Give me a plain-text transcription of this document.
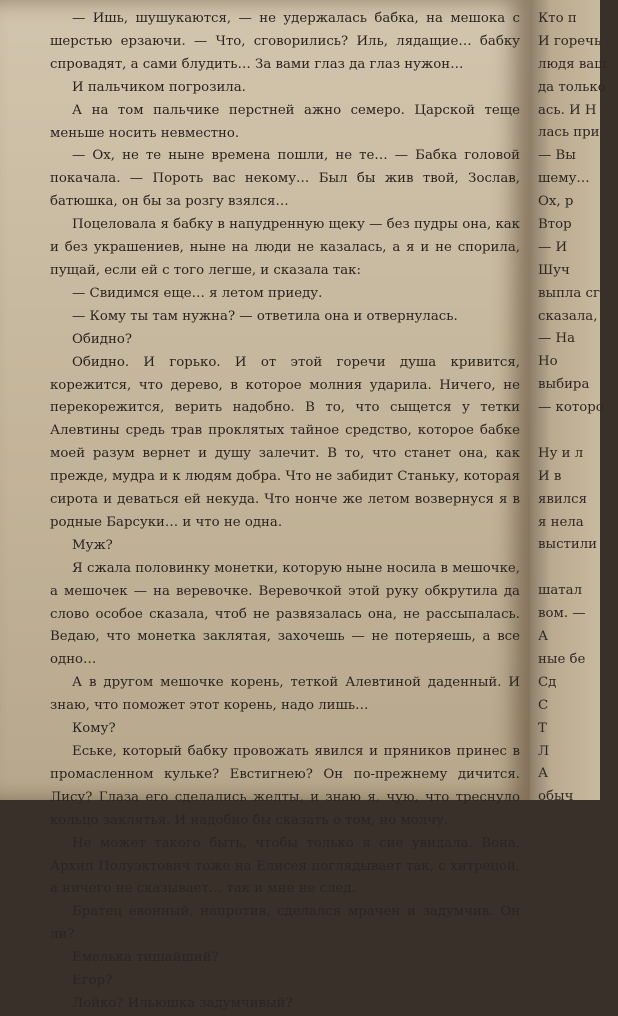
— Ишь, шушукаются, — не удержалась бабка, на мешока с шерстью ерзаючи. — Что, сговорились? Иль, лядащие… бабку спровадят, а сами блудить… За вами глаз да глаз нужон…

И пальчиком погрозила.

А на том пальчике перстней ажно семеро. Царской теще меньше носить невместно.

— Ох, не те ныне времена пошли, не те… — Бабка головой покачала. — Пороть вас некому… Был бы жив твой, Зослав, батюшка, он бы за розгу взялся…

Поцеловала я бабку в напудренную щеку — без пудры она, как и без украшениев, ныне на люди не казалась, а я и не спорила, пущай, если ей с того легше, и сказала так:

— Свидимся еще… я летом приеду.

— Кому ты там нужна? — ответила она и отвернулась.

Обидно?

Обидно. И горько. И от этой горечи душа кривится, корежится, что дерево, в которое молния ударила. Ничего, не перекорежится, верить надобно. В то, что сыщется у тетки Алевтины средь трав проклятых тайное средство, которое бабке моей разум вернет и душу залечит. В то, что станет она, как прежде, мудра и к людям добра. Что не забидит Станьку, которая сирота и деваться ей некуда. Что нонче же летом возвернуся я в родные Барсуки… и что не одна.

Муж?

Я сжала половинку монетки, которую ныне носила в мешочке, а мешочек — на веревочке. Веревочкой этой руку обкрутила да слово особое сказала, чтоб не развязалась она, не рассыпалась. Ведаю, что монетка заклятая, захочешь — не потеряешь, а все одно…

А в другом мешочке корень, теткой Алевтиной даденный. И знаю, что поможет этот корень, надо лишь…

Кому?

Еське, который бабку провожать явился и пряников принес в промасленном кульке? Евстигнею? Он по-прежнему дичится. Лису? Глаза его сделались желты, и знаю я, чую, что треснуло кольцо заклятья. И надобно бы сказать о том, но молчу.

Не может такого быть, чтобы только я сие увидала. Вона, Архип Полуэктович тоже на Елисея поглядывает так, с хитрецой, а ничего не сказывает… так и мне не след.

Братец евонный, напротив, сделался мрачен и задумчив. Он ли?

Емелька тишайший?

Егор?

Лойко? Ильюшка задумчивый?

Кто п
И горечь
людя ваш
да только
ась. И Н
лась при
— Вы
шему…
Ох, р
Втор
— И
Шуч
выпла сг
сказала,
— На
Но
выбира
— которо
Ну и л
И в
явился
я нела
выстили
шатал
вом. —
А
ные бе
Сд
С
Т
Л
А
обыч
